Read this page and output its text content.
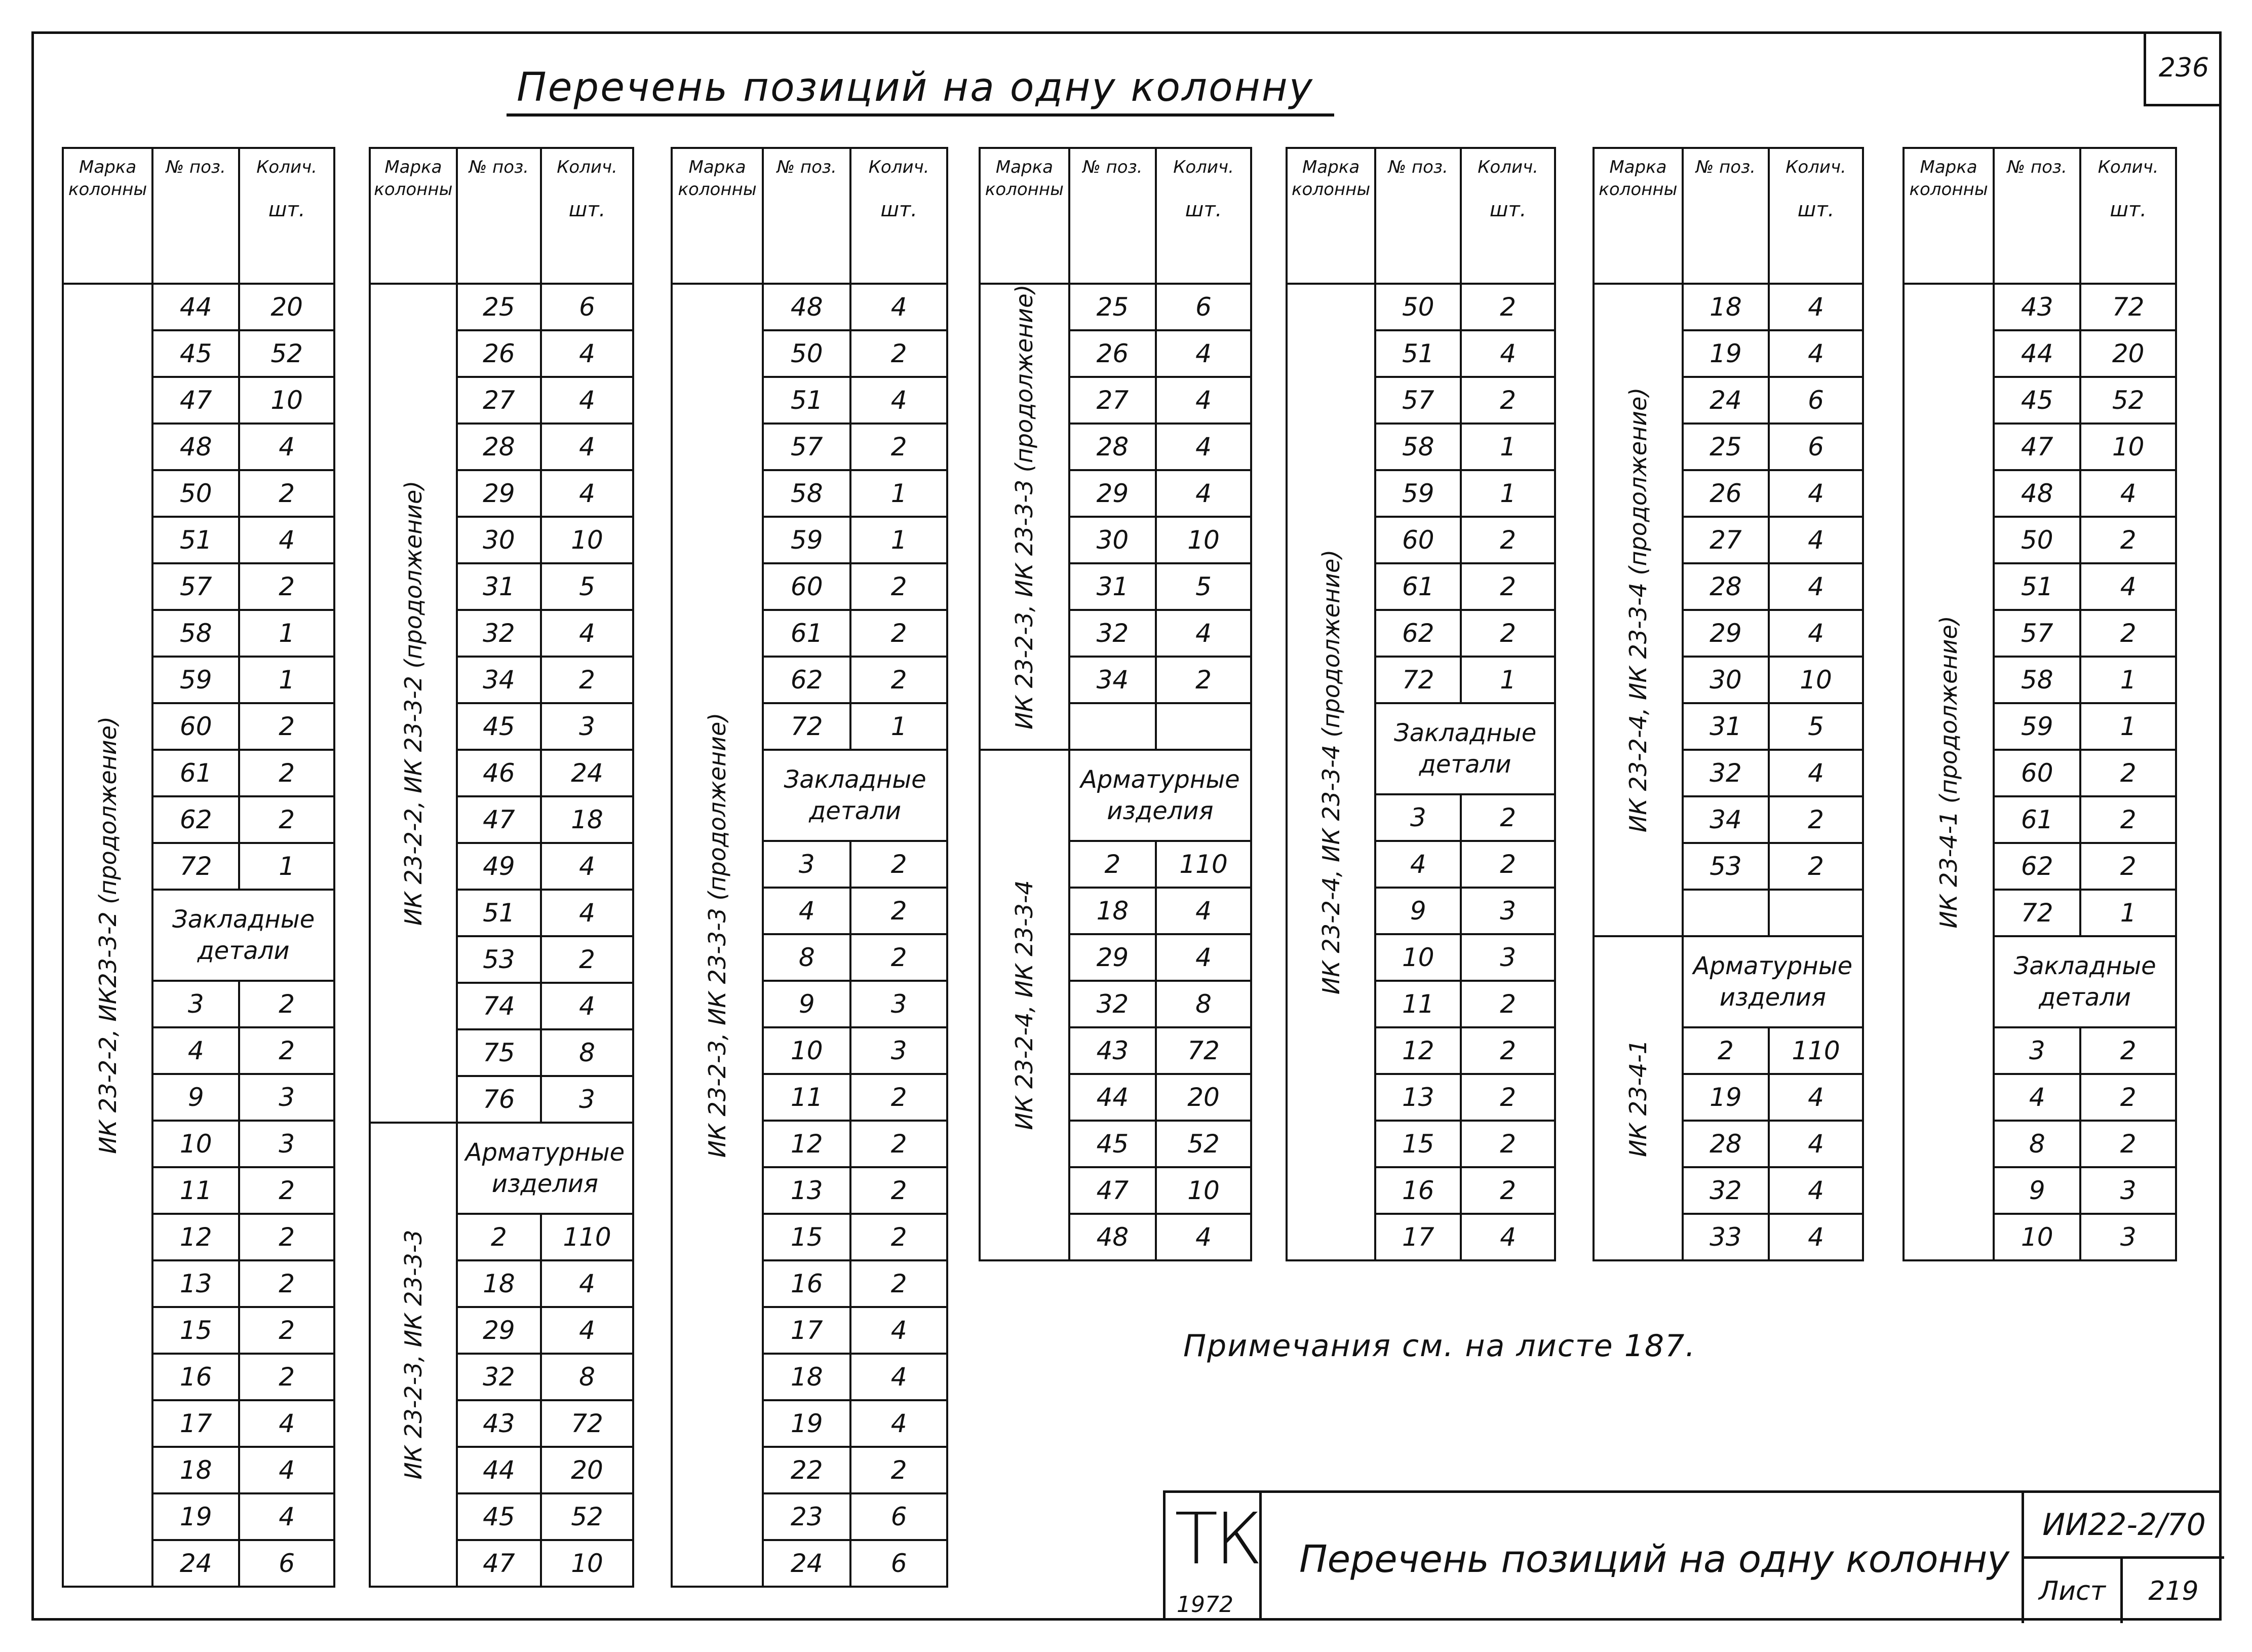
236
Перечень позиций на одну колонну
Марка колонны	№ поз.	Колич.
шт.

ИК 23-2-2, ИК23-3-2 (продолжение)	44	20
	45	52
	47	10
	48	4
	50	2
	51	4
	57	2
	58	1
	59	1
	60	2
	61	2
	62	2
	72	1
	Закладные детали	
	3	2
	4	2
	9	3
	10	3
	11	2
	12	2
	13	2
	15	2
	16	2
	17	4
	18	4
	19	4
	24	6
Марка колонны	№ поз.	Колич.
шт.

ИК 23-2-2, ИК 23-3-2 (продолжение)	25	6
	26	4
	27	4
	28	4
	29	4
	30	10
	31	5
	32	4
	34	2
	45	3
	46	24
	47	18
	49	4
	51	4
	53	2
	74	4
	75	8
	76	3

ИК 23-2-3, ИК 23-3-3	Арматурные изделия	
	2	110
	18	4
	29	4
	32	8
	43	72
	44	20
	45	52
	47	10
Марка колонны	№ поз.	Колич.
шт.

ИК 23-2-3, ИК 23-3-3 (продолжение)	48	4
	50	2
	51	4
	57	2
	58	1
	59	1
	60	2
	61	2
	62	2
	72	1
	Закладные детали	
	3	2
	4	2
	8	2
	9	3
	10	3
	11	2
	12	2
	13	2
	15	2
	16	2
	17	4
	18	4
	19	4
	22	2
	23	6
	24	6
Марка колонны	№ поз.	Колич.
шт.

ИК 23-2-3, ИК 23-3-3 (продолжение)	25	6
	26	4
	27	4
	28	4
	29	4
	30	10
	31	5
	32	4
	34	2

ИК 23-2-4, ИК 23-3-4	Арматурные изделия	
	2	110
	18	4
	29	4
	32	8
	43	72
	44	20
	45	52
	47	10
	48	4
Марка колонны	№ поз.	Колич.
шт.

ИК 23-2-4, ИК 23-3-4 (продолжение)	50	2
	51	4
	57	2
	58	1
	59	1
	60	2
	61	2
	62	2
	72	1
	Закладные детали	
	3	2
	4	2
	9	3
	10	3
	11	2
	12	2
	13	2
	15	2
	16	2
	17	4
Марка колонны	№ поз.	Колич.
шт.

ИК 23-2-4, ИК 23-3-4 (продолжение)	18	4
	19	4
	24	6
	25	6
	26	4
	27	4
	28	4
	29	4
	30	10
	31	5
	32	4
	34	2
	53	2

ИК 23-4-1	Арматурные изделия	
	2	110
	19	4
	28	4
	32	4
	33	4
Марка колонны	№ поз.	Колич.
шт.

ИК 23-4-1 (продолжение)	43	72
	44	20
	45	52
	47	10
	48	4
	50	2
	51	4
	57	2
	58	1
	59	1
	60	2
	61	2
	62	2
	72	1
	Закладные детали	
	3	2
	4	2
	8	2
	9	3
	10	3
Примечания см. на листе 187.
ТК
1972
Перечень позиций на одну колонну
ИИ22-2/70
Лист	219
